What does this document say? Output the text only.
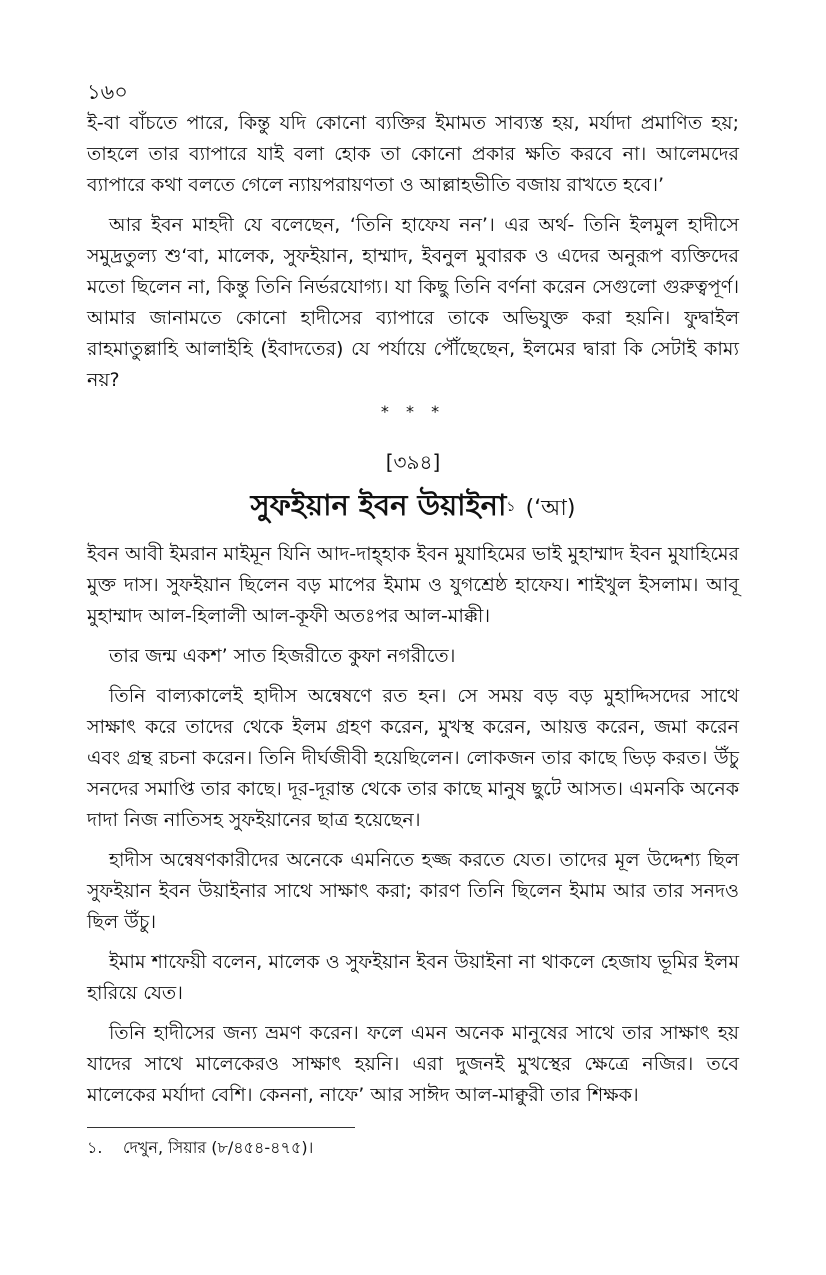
১৬০

ই-বা বাঁচতে পারে, কিন্তু যদি কোনো ব্যক্তির ইমামত সাব্যস্ত হয়, মর্যাদা প্রমাণিত হয়; তাহলে তার ব্যাপারে যাই বলা হোক তা কোনো প্রকার ক্ষতি করবে না। আলেমদের ব্যাপারে কথা বলতে গেলে ন্যায়পরায়ণতা ও আল্লাহভীতি বজায় রাখতে হবে।’

আর ইবন মাহদী যে বলেছেন, ‘তিনি হাফেয নন’। এর অর্থ- তিনি ইলমুল হাদীসে সমুদ্রতুল্য শু‘বা, মালেক, সুফইয়ান, হাম্মাদ, ইবনুল মুবারক ও এদের অনুরূপ ব্যক্তিদের মতো ছিলেন না, কিন্তু তিনি নির্ভরযোগ্য। যা কিছু তিনি বর্ণনা করেন সেগুলো গুরুত্বপূর্ণ। আমার জানামতে কোনো হাদীসের ব্যাপারে তাকে অভিযুক্ত করা হয়নি। ফুদ্বাইল রাহমাতুল্লাহি আলাইহি (ইবাদতের) যে পর্যায়ে পৌঁছেছেন, ইলমের দ্বারা কি সেটাই কাম্য নয়?

* * *
[৩৯৪]
সুফইয়ান ইবন উয়াইনা$^১$ (‘আ)

ইবন আবী ইমরান মাইমূন যিনি আদ-দাহ্হাক ইবন মুযাহিমের ভাই মুহাম্মাদ ইবন মুযাহিমের মুক্ত দাস। সুফইয়ান ছিলেন বড় মাপের ইমাম ও যুগশ্রেষ্ঠ হাফেয। শাইখুল ইসলাম। আবূ মুহাম্মাদ আল-হিলালী আল-কূফী অতঃপর আল-মাক্কী।

তার জন্ম একশ’ সাত হিজরীতে কুফা নগরীতে।

তিনি বাল্যকালেই হাদীস অন্বেষণে রত হন। সে সময় বড় বড় মুহাদ্দিসদের সাথে সাক্ষাৎ করে তাদের থেকে ইলম গ্রহণ করেন, মুখস্থ করেন, আয়ত্ত করেন, জমা করেন এবং গ্রন্থ রচনা করেন। তিনি দীর্ঘজীবী হয়েছিলেন। লোকজন তার কাছে ভিড় করত। উঁচু সনদের সমাপ্তি তার কাছে। দূর-দূরান্ত থেকে তার কাছে মানুষ ছুটে আসত। এমনকি অনেক দাদা নিজ নাতিসহ সুফইয়ানের ছাত্র হয়েছেন।

হাদীস অন্বেষণকারীদের অনেকে এমনিতে হজ্জ করতে যেত। তাদের মূল উদ্দেশ্য ছিল সুফইয়ান ইবন উয়াইনার সাথে সাক্ষাৎ করা; কারণ তিনি ছিলেন ইমাম আর তার সনদও ছিল উঁচু।

ইমাম শাফেয়ী বলেন, মালেক ও সুফইয়ান ইবন উয়াইনা না থাকলে হেজায ভূমির ইলম হারিয়ে যেত।

তিনি হাদীসের জন্য ভ্রমণ করেন। ফলে এমন অনেক মানুষের সাথে তার সাক্ষাৎ হয় যাদের সাথে মালেকেরও সাক্ষাৎ হয়নি। এরা দুজনই মুখস্থের ক্ষেত্রে নজির। তবে মালেকের মর্যাদা বেশি। কেননা, নাফে’ আর সাঈদ আল-মাক্বুরী তার শিক্ষক।

১. দেখুন, সিয়ার (৮/৪৫৪-৪৭৫)।
